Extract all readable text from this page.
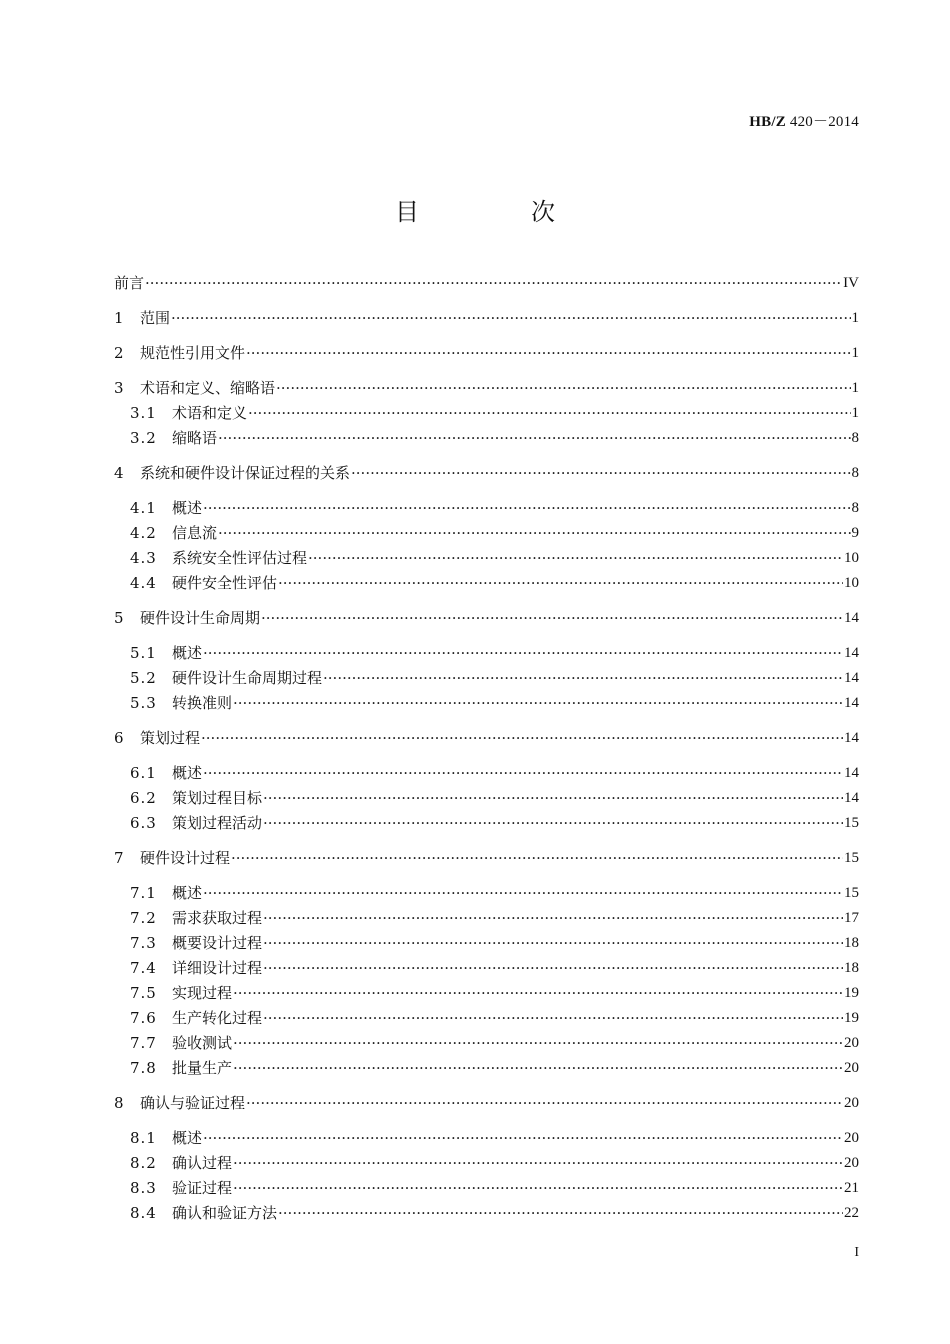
HB/Z 420－2014
目　次
前言 ·····	IV
1	范围 ·····	1
2	规范性引用文件 ·····	1
3	术语和定义、缩略语 ·····	1
3.1	术语和定义 ·····	1
3.2	缩略语 ·····	8
4	系统和硬件设计保证过程的关系 ·····	8
4.1	概述 ·····	8
4.2	信息流 ·····	9
4.3	系统安全性评估过程 ·····	10
4.4	硬件安全性评估 ·····	10
5	硬件设计生命周期 ·····	14
5.1	概述 ·····	14
5.2	硬件设计生命周期过程 ·····	14
5.3	转换准则 ·····	14
6	策划过程 ·····	14
6.1	概述 ·····	14
6.2	策划过程目标 ·····	14
6.3	策划过程活动 ·····	15
7	硬件设计过程 ·····	15
7.1	概述 ·····	15
7.2	需求获取过程 ·····	17
7.3	概要设计过程 ·····	18
7.4	详细设计过程 ·····	18
7.5	实现过程 ·····	19
7.6	生产转化过程 ·····	19
7.7	验收测试 ·····	20
7.8	批量生产 ·····	20
8	确认与验证过程 ·····	20
8.1	概述 ·····	20
8.2	确认过程 ·····	20
8.3	验证过程 ·····	21
8.4	确认和验证方法 ·····	22
I
